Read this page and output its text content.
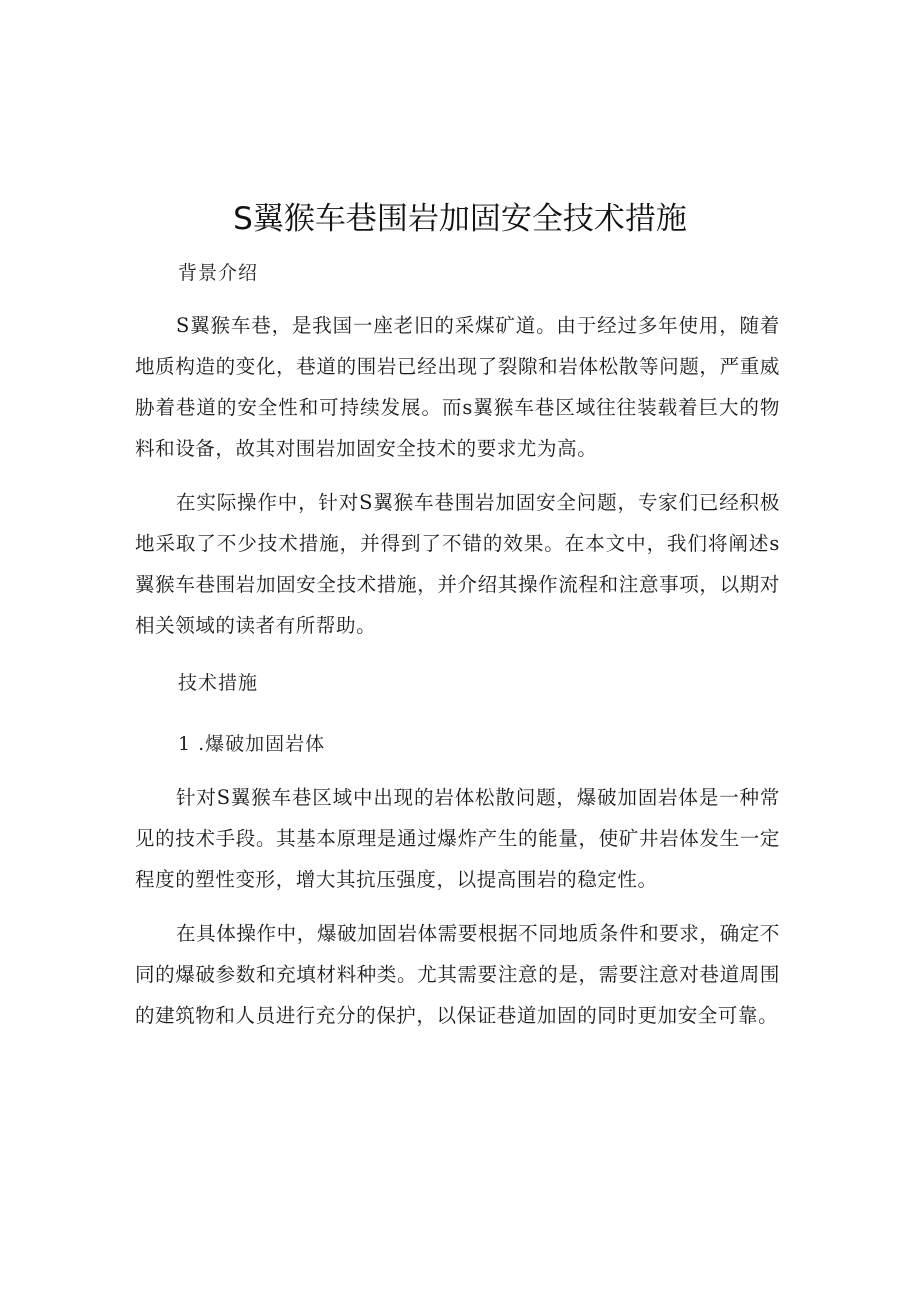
S翼猴车巷围岩加固安全技术措施
背景介绍
S翼猴车巷，是我国一座老旧的采煤矿道。由于经过多年使用，随着地质构造的变化，巷道的围岩已经出现了裂隙和岩体松散等问题，严重威胁着巷道的安全性和可持续发展。而s翼猴车巷区域往往装载着巨大的物料和设备，故其对围岩加固安全技术的要求尤为高。
在实际操作中，针对S翼猴车巷围岩加固安全问题，专家们已经积极地采取了不少技术措施，并得到了不错的效果。在本文中，我们将阐述s翼猴车巷围岩加固安全技术措施，并介绍其操作流程和注意事项，以期对相关领域的读者有所帮助。
技术措施
1 .爆破加固岩体
针对S翼猴车巷区域中出现的岩体松散问题，爆破加固岩体是一种常见的技术手段。其基本原理是通过爆炸产生的能量，使矿井岩体发生一定程度的塑性变形，增大其抗压强度，以提高围岩的稳定性。
在具体操作中，爆破加固岩体需要根据不同地质条件和要求，确定不同的爆破参数和充填材料种类。尤其需要注意的是，需要注意对巷道周围的建筑物和人员进行充分的保护，以保证巷道加固的同时更加安全可靠。
